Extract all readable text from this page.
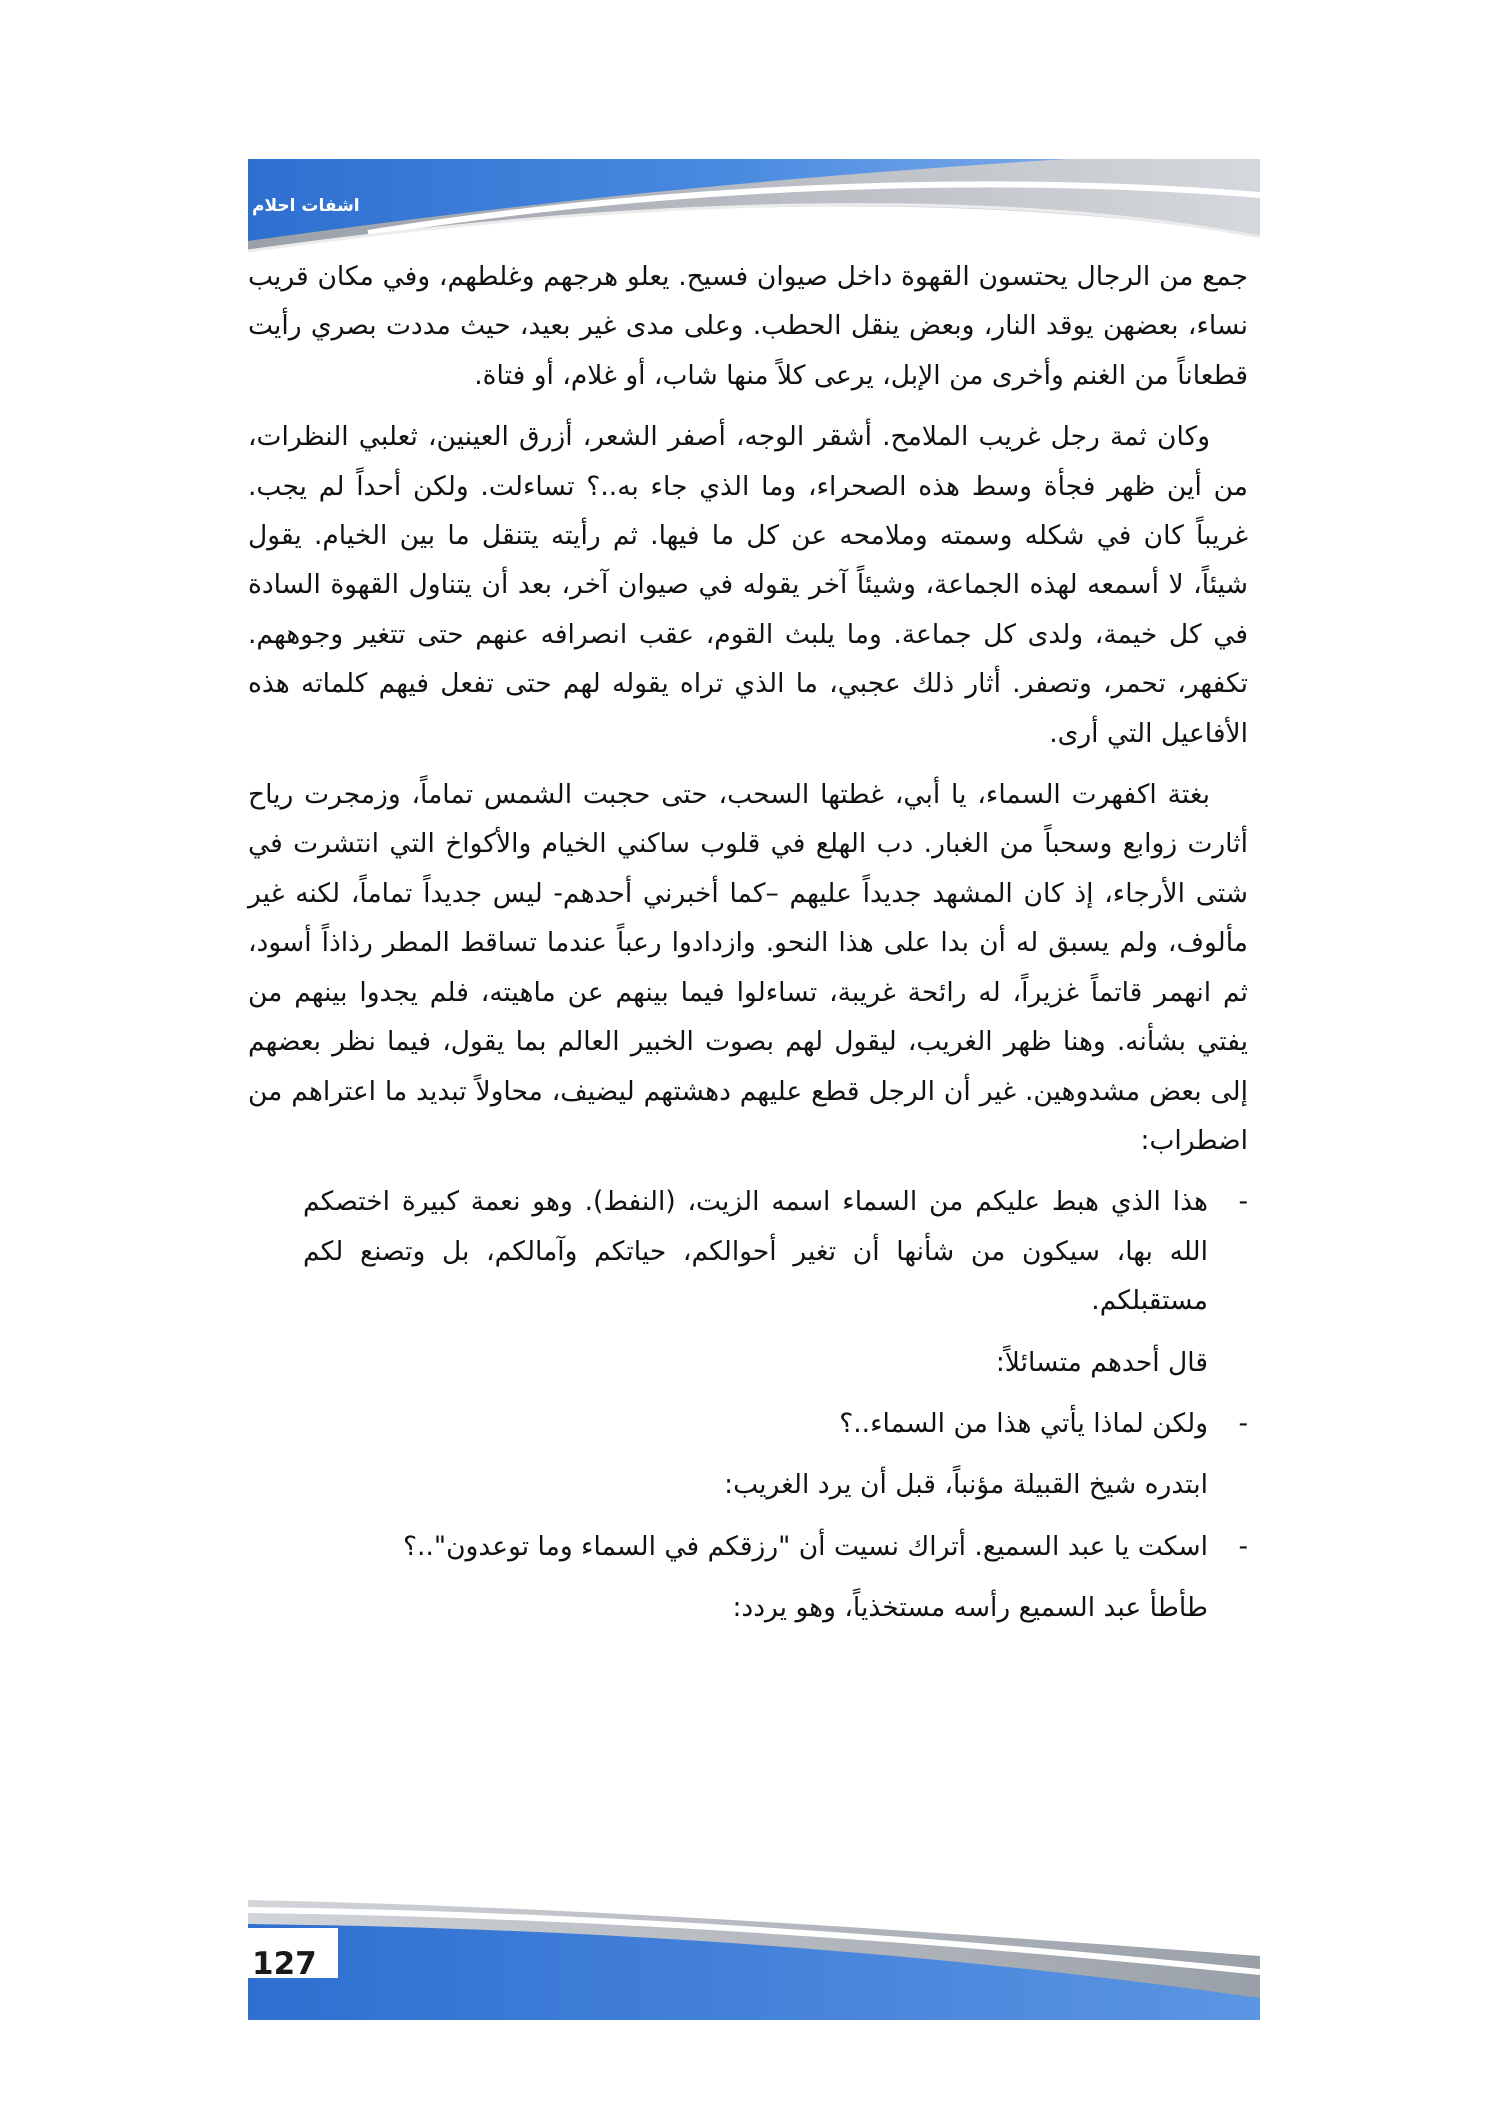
اشفات احلام

جمع من الرجال يحتسون القهوة داخل صيوان فسيح. يعلو هرجهم وغلطهم، وفي مكان قريب نساء، بعضهن يوقد النار، وبعض ينقل الحطب. وعلى مدى غير بعيد، حيث مددت بصري رأيت قطعاناً من الغنم وأخرى من الإبل، يرعى كلاً منها شاب، أو غلام، أو فتاة.

وكان ثمة رجل غريب الملامح. أشقر الوجه، أصفر الشعر، أزرق العينين، ثعلبي النظرات، من أين ظهر فجأة وسط هذه الصحراء، وما الذي جاء به..؟ تساءلت. ولكن أحداً لم يجب. غريباً كان في شكله وسمته وملامحه عن كل ما فيها. ثم رأيته يتنقل ما بين الخيام. يقول شيئاً، لا أسمعه لهذه الجماعة، وشيئاً آخر يقوله في صيوان آخر، بعد أن يتناول القهوة السادة في كل خيمة، ولدى كل جماعة. وما يلبث القوم، عقب انصرافه عنهم حتى تتغير وجوههم. تكفهر، تحمر، وتصفر. أثار ذلك عجبي، ما الذي تراه يقوله لهم حتى تفعل فيهم كلماته هذه الأفاعيل التي أرى.

بغتة اكفهرت السماء، يا أبي، غطتها السحب، حتى حجبت الشمس تماماً، وزمجرت رياح أثارت زوابع وسحباً من الغبار. دب الهلع في قلوب ساكني الخيام والأكواخ التي انتشرت في شتى الأرجاء، إذ كان المشهد جديداً عليهم –كما أخبرني أحدهم- ليس جديداً تماماً، لكنه غير مألوف، ولم يسبق له أن بدا على هذا النحو. وازدادوا رعباً عندما تساقط المطر رذاذاً أسود، ثم انهمر قاتماً غزيراً، له رائحة غريبة، تساءلوا فيما بينهم عن ماهيته، فلم يجدوا بينهم من يفتي بشأنه. وهنا ظهر الغريب، ليقول لهم بصوت الخبير العالم بما يقول، فيما نظر بعضهم إلى بعض مشدوهين. غير أن الرجل قطع عليهم دهشتهم ليضيف، محاولاً تبديد ما اعتراهم من اضطراب:

-
هذا الذي هبط عليكم من السماء اسمه الزيت، (النفط). وهو نعمة كبيرة اختصكم الله بها، سيكون من شأنها أن تغير أحوالكم، حياتكم وآمالكم، بل وتصنع لكم مستقبلكم.
قال أحدهم متسائلاً:
-
ولكن لماذا يأتي هذا من السماء..؟
ابتدره شيخ القبيلة مؤنباً، قبل أن يرد الغريب:
-
اسكت يا عبد السميع. أتراك نسيت أن "رزقكم في السماء وما توعدون"..؟
طأطأ عبد السميع رأسه مستخذياً، وهو يردد:
127
